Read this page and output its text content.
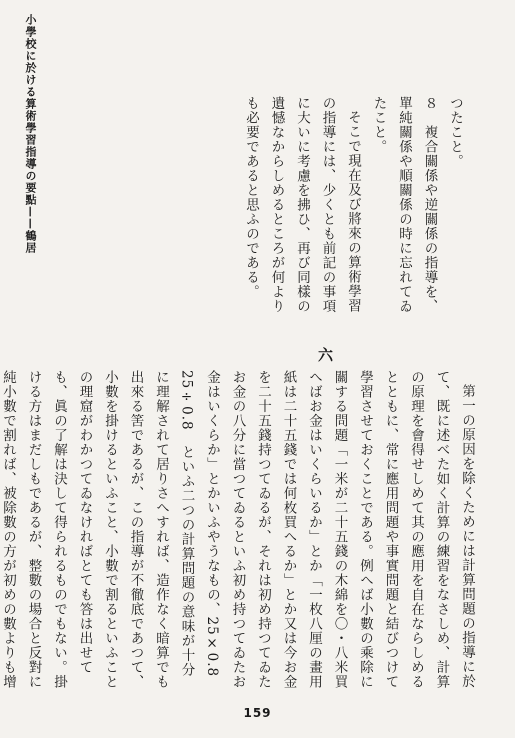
小學校に於ける算術學習指導の要點——鶴居	つたこと。

８　複合關係や逆關係の指導を、單純關係や順關係の時に忘れてゐたこと。

そこで現在及び將來の算術學習の指導には、少くとも前記の事項に大いに考慮を拂ひ、再び同樣の遺憾なからしめるところが何よりも必要であると思ふのである。

六

第一の原因を除くためには計算問題の指導に於て、既に述べた如く計算の練習をなさしめ、計算の原理を會得せしめて其の應用を自在ならしめるとともに、常に應用問題や事實問題と結びつけて學習させておくことである。例へば小數の乘除に關する問題「一米が二十五錢の木綿を〇・八米買へばお金はいくらいるか」とか「一枚八厘の畫用紙は二十五錢では何枚買へるか」とか又は今お金を二十五錢持つてゐるが、それは初め持つてゐたお金の八分に當つてゐるといふ初め持つてゐたお金はいくらか」とかいふやうなもの、25×0.8　25÷0.8　といふ二つの計算問題の意味が十分に理解されて居りさへすれば、造作なく暗算でも出來る筈であるが、この指導が不徹底であつて、小數を掛けるといふこと、小數で割るといふことの理窟がわかつてゐなければとても答は出せても、眞の了解は決して得られるものでもない。掛ける方はまだしもであるが、整數の場合と反對に純小數で割れば、被除數の方が初めの數よりも增

159
